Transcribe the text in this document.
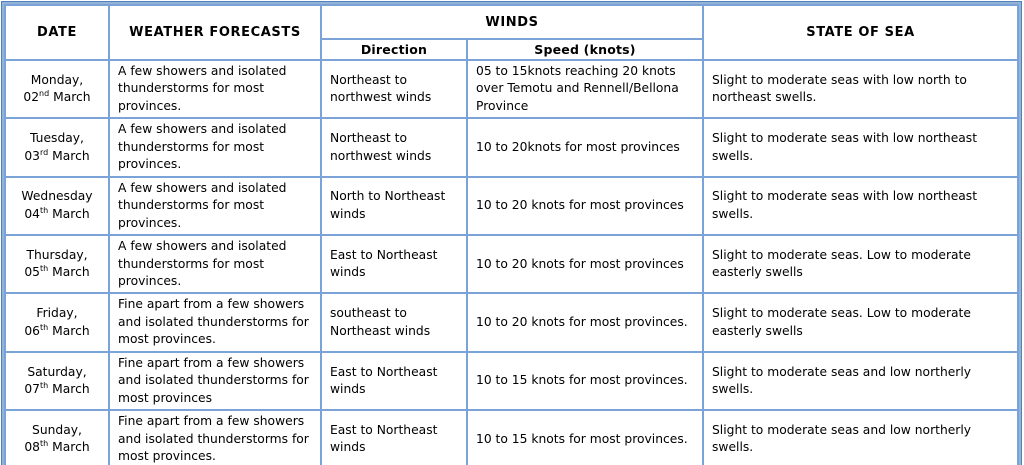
DATE	WEATHER FORECASTS	WINDS		STATE OF SEA
		Direction	Speed (knots)	
Monday,
02nd March	A few showers and isolated thunderstorms for most provinces.	Northeast to northwest winds	05 to 15knots reaching 20 knots over Temotu and Rennell/Bellona Province	Slight to moderate seas with low north to northeast swells.
Tuesday,
03rd March	A few showers and isolated thunderstorms for most provinces.	Northeast to northwest winds	10 to 20knots for most provinces	Slight to moderate seas with low northeast swells.
Wednesday
04th March	A few showers and isolated thunderstorms for most provinces.	North to Northeast winds	10 to 20 knots for most provinces	Slight to moderate seas with low northeast swells.
Thursday,
05th March	A few showers and isolated thunderstorms for most provinces.	East to Northeast winds	10 to 20 knots for most provinces	Slight to moderate seas. Low to moderate easterly swells
Friday,
06th March	Fine apart from a few showers and isolated thunderstorms for most provinces.	southeast to Northeast winds	10 to 20 knots for most provinces.	Slight to moderate seas. Low to moderate easterly swells
Saturday,
07th March	Fine apart from a few showers and isolated thunderstorms for most provinces	East to Northeast winds	10 to 15 knots for most provinces.	Slight to moderate seas and low northerly swells.
Sunday,
08th March	Fine apart from a few showers and isolated thunderstorms for most provinces.	East to Northeast winds	10 to 15 knots for most provinces.	Slight to moderate seas and low northerly swells.
